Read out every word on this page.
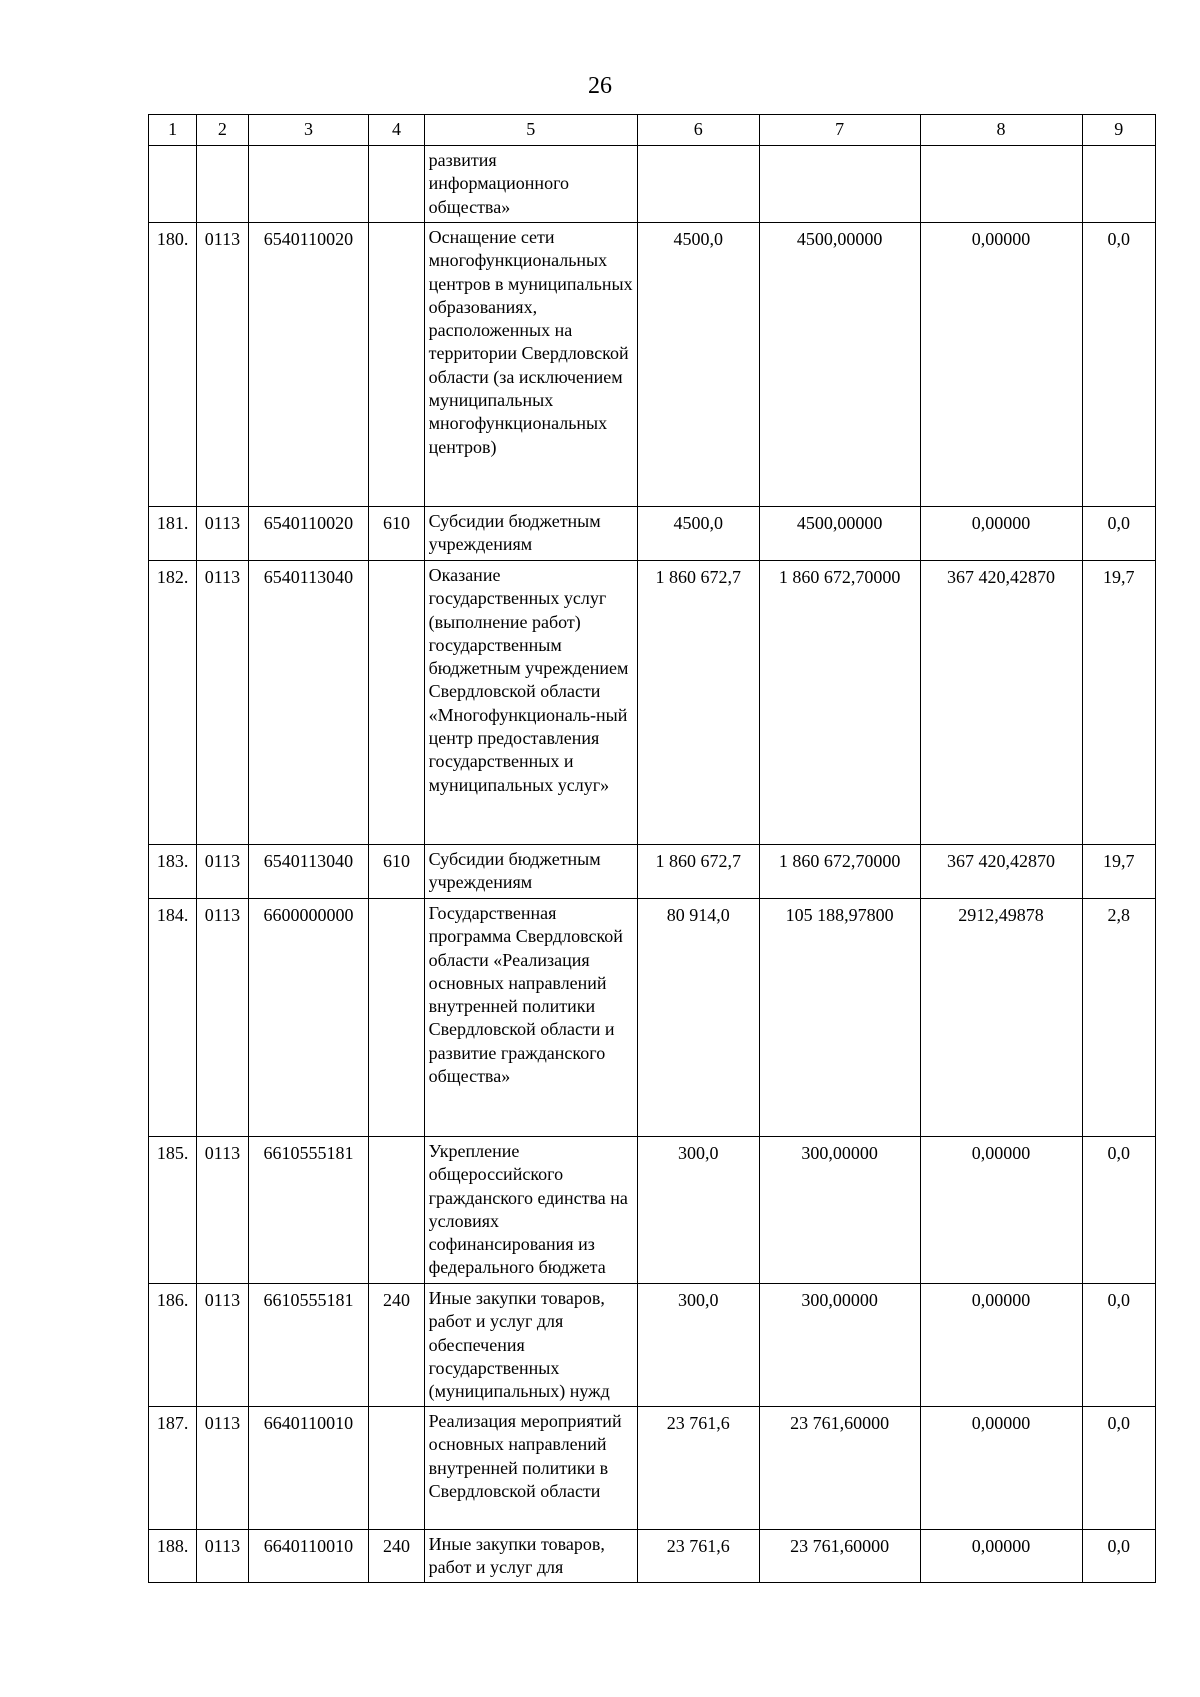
26
1	2	3	4	5	6	7	8	9
				развития информационного общества»				
180.	0113	6540110020		Оснащение сети многофункциональных центров в муниципальных образованиях, расположенных на территории Свердловской области (за исключением муниципальных многофункциональных центров)	4500,0	4500,00000	0,00000	0,0
181.	0113	6540110020	610	Субсидии бюджетным учреждениям	4500,0	4500,00000	0,00000	0,0
182.	0113	6540113040		Оказание государственных услуг (выполнение работ) государственным бюджетным учреждением Свердловской области «Многофункциональ-ный центр предоставления государственных и муниципальных услуг»	1 860 672,7	1 860 672,70000	367 420,42870	19,7
183.	0113	6540113040	610	Субсидии бюджетным учреждениям	1 860 672,7	1 860 672,70000	367 420,42870	19,7
184.	0113	6600000000		Государственная программа Свердловской области «Реализация основных направлений внутренней политики Свердловской области и развитие гражданского общества»	80 914,0	105 188,97800	2912,49878	2,8
185.	0113	6610555181		Укрепление общероссийского гражданского единства на условиях софинансирования из федерального бюджета	300,0	300,00000	0,00000	0,0
186.	0113	6610555181	240	Иные закупки товаров, работ и услуг для обеспечения государственных (муниципальных) нужд	300,0	300,00000	0,00000	0,0
187.	0113	6640110010		Реализация мероприятий основных направлений внутренней политики в Свердловской области	23 761,6	23 761,60000	0,00000	0,0
188.	0113	6640110010	240	Иные закупки товаров, работ и услуг для	23 761,6	23 761,60000	0,00000	0,0
